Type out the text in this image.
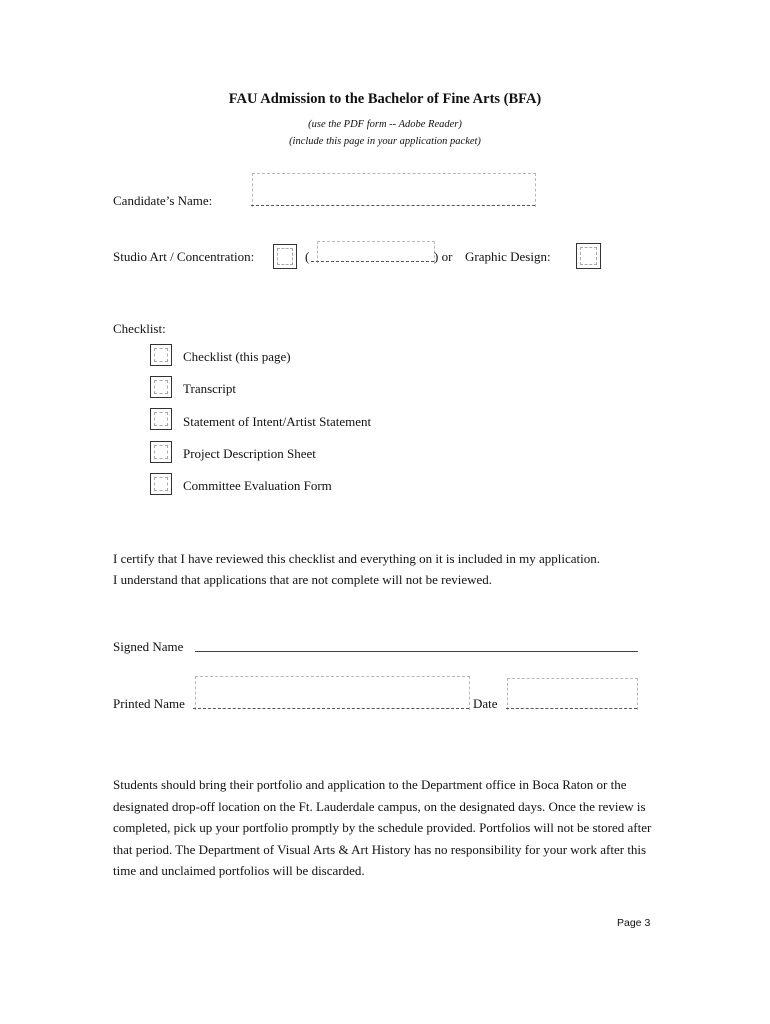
FAU Admission to the Bachelor of Fine Arts (BFA)
(use the PDF form -- Adobe Reader)
(include this page in your application packet)
Candidate’s Name:
Studio Art / Concentration:	(	) or Graphic Design:
Checklist:
Checklist (this page)
Transcript
Statement of Intent/Artist Statement
Project Description Sheet
Committee Evaluation Form
I certify that I have reviewed this checklist and everything on it is included in my application.
I understand that applications that are not complete will not be reviewed.
Signed Name
Printed Name	Date
Students should bring their portfolio and application to the Department office in Boca Raton or the designated drop-off location on the Ft. Lauderdale campus, on the designated days. Once the review is completed, pick up your portfolio promptly by the schedule provided. Portfolios will not be stored after that period. The Department of Visual Arts & Art History has no responsibility for your work after this time and unclaimed portfolios will be discarded.
Page 3
